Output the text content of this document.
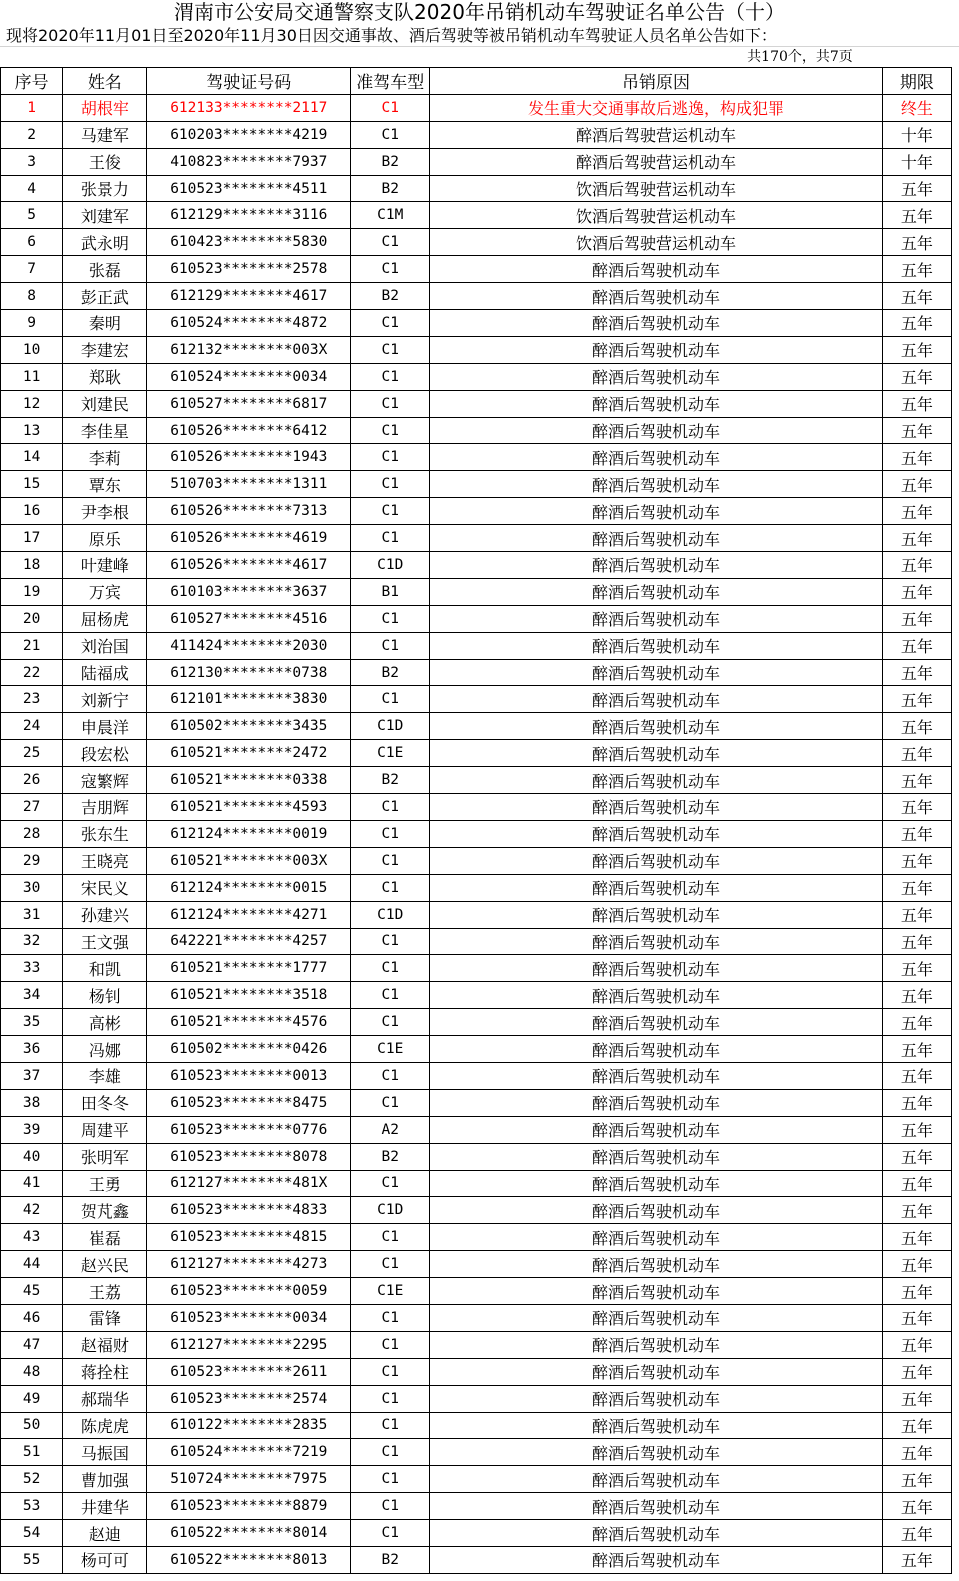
渭南市公安局交通警察支队2020年吊销机动车驾驶证名单公告（十）
现将2020年11月01日至2020年11月30日因交通事故、酒后驾驶等被吊销机动车驾驶证人员名单公告如下：
共170个，共7页
序号	姓名	驾驶证号码	准驾车型	吊销原因	期限
1	胡根牢	612133********2117	C1	发生重大交通事故后逃逸，构成犯罪	终生
2	马建军	610203********4219	C1	醉酒后驾驶营运机动车	十年
3	王俊	410823********7937	B2	醉酒后驾驶营运机动车	十年
4	张景力	610523********4511	B2	饮酒后驾驶营运机动车	五年
5	刘建军	612129********3116	C1M	饮酒后驾驶营运机动车	五年
6	武永明	610423********5830	C1	饮酒后驾驶营运机动车	五年
7	张磊	610523********2578	C1	醉酒后驾驶机动车	五年
8	彭正武	612129********4617	B2	醉酒后驾驶机动车	五年
9	秦明	610524********4872	C1	醉酒后驾驶机动车	五年
10	李建宏	612132********003X	C1	醉酒后驾驶机动车	五年
11	郑耿	610524********0034	C1	醉酒后驾驶机动车	五年
12	刘建民	610527********6817	C1	醉酒后驾驶机动车	五年
13	李佳星	610526********6412	C1	醉酒后驾驶机动车	五年
14	李莉	610526********1943	C1	醉酒后驾驶机动车	五年
15	覃东	510703********1311	C1	醉酒后驾驶机动车	五年
16	尹李根	610526********7313	C1	醉酒后驾驶机动车	五年
17	原乐	610526********4619	C1	醉酒后驾驶机动车	五年
18	叶建峰	610526********4617	C1D	醉酒后驾驶机动车	五年
19	万宾	610103********3637	B1	醉酒后驾驶机动车	五年
20	屈杨虎	610527********4516	C1	醉酒后驾驶机动车	五年
21	刘治国	411424********2030	C1	醉酒后驾驶机动车	五年
22	陆福成	612130********0738	B2	醉酒后驾驶机动车	五年
23	刘新宁	612101********3830	C1	醉酒后驾驶机动车	五年
24	申晨洋	610502********3435	C1D	醉酒后驾驶机动车	五年
25	段宏松	610521********2472	C1E	醉酒后驾驶机动车	五年
26	寇繁辉	610521********0338	B2	醉酒后驾驶机动车	五年
27	吉朋辉	610521********4593	C1	醉酒后驾驶机动车	五年
28	张东生	612124********0019	C1	醉酒后驾驶机动车	五年
29	王晓亮	610521********003X	C1	醉酒后驾驶机动车	五年
30	宋民义	612124********0015	C1	醉酒后驾驶机动车	五年
31	孙建兴	612124********4271	C1D	醉酒后驾驶机动车	五年
32	王文强	642221********4257	C1	醉酒后驾驶机动车	五年
33	和凯	610521********1777	C1	醉酒后驾驶机动车	五年
34	杨钊	610521********3518	C1	醉酒后驾驶机动车	五年
35	高彬	610521********4576	C1	醉酒后驾驶机动车	五年
36	冯娜	610502********0426	C1E	醉酒后驾驶机动车	五年
37	李雄	610523********0013	C1	醉酒后驾驶机动车	五年
38	田冬冬	610523********8475	C1	醉酒后驾驶机动车	五年
39	周建平	610523********0776	A2	醉酒后驾驶机动车	五年
40	张明军	610523********8078	B2	醉酒后驾驶机动车	五年
41	王勇	612127********481X	C1	醉酒后驾驶机动车	五年
42	贺芃鑫	610523********4833	C1D	醉酒后驾驶机动车	五年
43	崔磊	610523********4815	C1	醉酒后驾驶机动车	五年
44	赵兴民	612127********4273	C1	醉酒后驾驶机动车	五年
45	王荔	610523********0059	C1E	醉酒后驾驶机动车	五年
46	雷锋	610523********0034	C1	醉酒后驾驶机动车	五年
47	赵福财	612127********2295	C1	醉酒后驾驶机动车	五年
48	蒋拴柱	610523********2611	C1	醉酒后驾驶机动车	五年
49	郝瑞华	610523********2574	C1	醉酒后驾驶机动车	五年
50	陈虎虎	610122********2835	C1	醉酒后驾驶机动车	五年
51	马振国	610524********7219	C1	醉酒后驾驶机动车	五年
52	曹加强	510724********7975	C1	醉酒后驾驶机动车	五年
53	井建华	610523********8879	C1	醉酒后驾驶机动车	五年
54	赵迪	610522********8014	C1	醉酒后驾驶机动车	五年
55	杨可可	610522********8013	B2	醉酒后驾驶机动车	五年
